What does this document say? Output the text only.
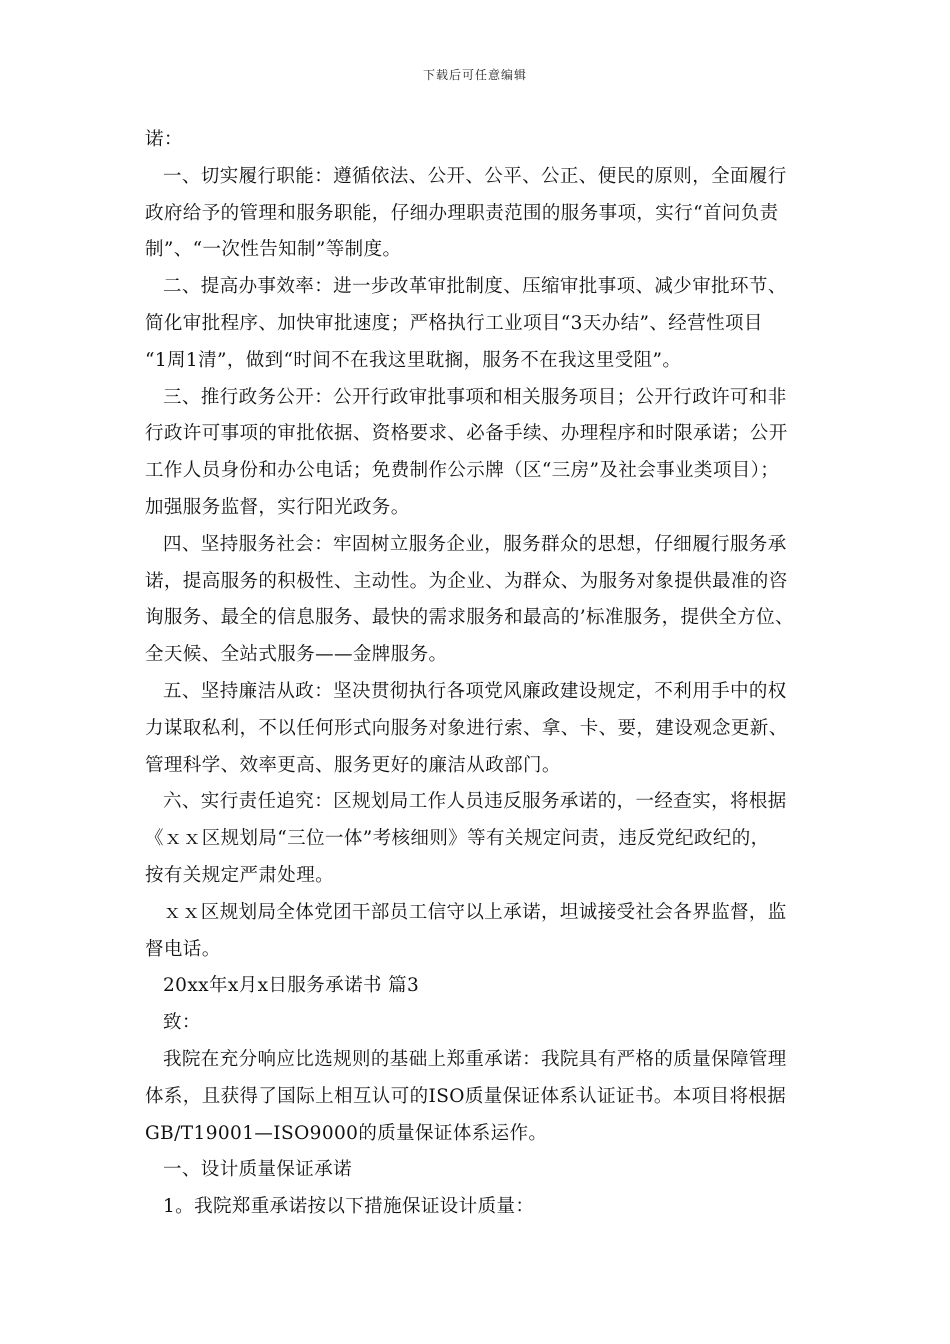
下载后可任意编辑
诺：
一、切实履行职能：遵循依法、公开、公平、公正、便民的原则，全面履行
政府给予的管理和服务职能，仔细办理职责范围的服务事项，实行“首问负责
制”、“一次性告知制”等制度。
二、提高办事效率：进一步改革审批制度、压缩审批事项、减少审批环节、
简化审批程序、加快审批速度；严格执行工业项目“3天办结”、经营性项目
“1周1清”，做到“时间不在我这里耽搁，服务不在我这里受阻”。
三、推行政务公开：公开行政审批事项和相关服务项目；公开行政许可和非
行政许可事项的审批依据、资格要求、必备手续、办理程序和时限承诺；公开
工作人员身份和办公电话；免费制作公示牌（区“三房”及社会事业类项目）；
加强服务监督，实行阳光政务。
四、坚持服务社会：牢固树立服务企业，服务群众的思想，仔细履行服务承
诺，提高服务的积极性、主动性。为企业、为群众、为服务对象提供最准的咨
询服务、最全的信息服务、最快的需求服务和最高的’标准服务，提供全方位、
全天候、全站式服务——金牌服务。
五、坚持廉洁从政：坚决贯彻执行各项党风廉政建设规定，不利用手中的权
力谋取私利，不以任何形式向服务对象进行索、拿、卡、要，建设观念更新、
管理科学、效率更高、服务更好的廉洁从政部门。
六、实行责任追究：区规划局工作人员违反服务承诺的，一经查实，将根据
《ｘｘ区规划局“三位一体”考核细则》等有关规定问责，违反党纪政纪的，
按有关规定严肃处理。
ｘｘ区规划局全体党团干部员工信守以上承诺，坦诚接受社会各界监督，监
督电话。
20xx年x月x日服务承诺书 篇3
致：
我院在充分响应比选规则的基础上郑重承诺：我院具有严格的质量保障管理
体系，且获得了国际上相互认可的ISO质量保证体系认证证书。本项目将根据
GB/T19001—ISO9000的质量保证体系运作。
一、设计质量保证承诺
1。我院郑重承诺按以下措施保证设计质量：
